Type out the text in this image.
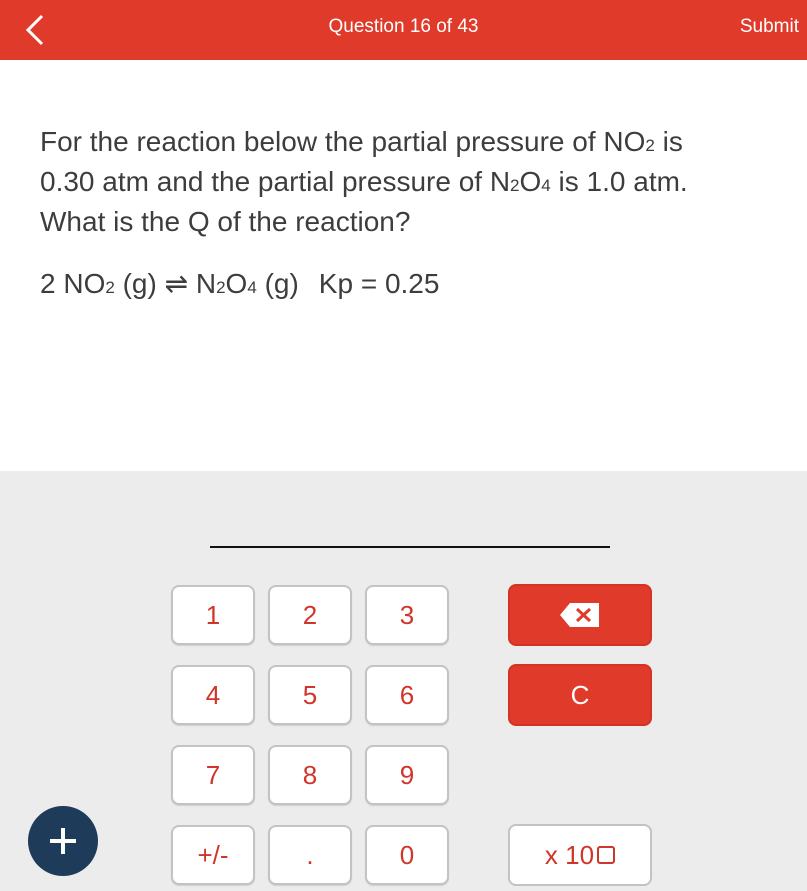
Question 16 of 43	Submit
For the reaction below the partial pressure of NO2 is
0.30 atm and the partial pressure of N2O4 is 1.0 atm.
What is the Q of the reaction?
2 NO2 (g) ⇌ N2O4 (g) Kp = 0.25
1	2	3
4	5	6
7	8	9
+/-	.	0
C
x 10
